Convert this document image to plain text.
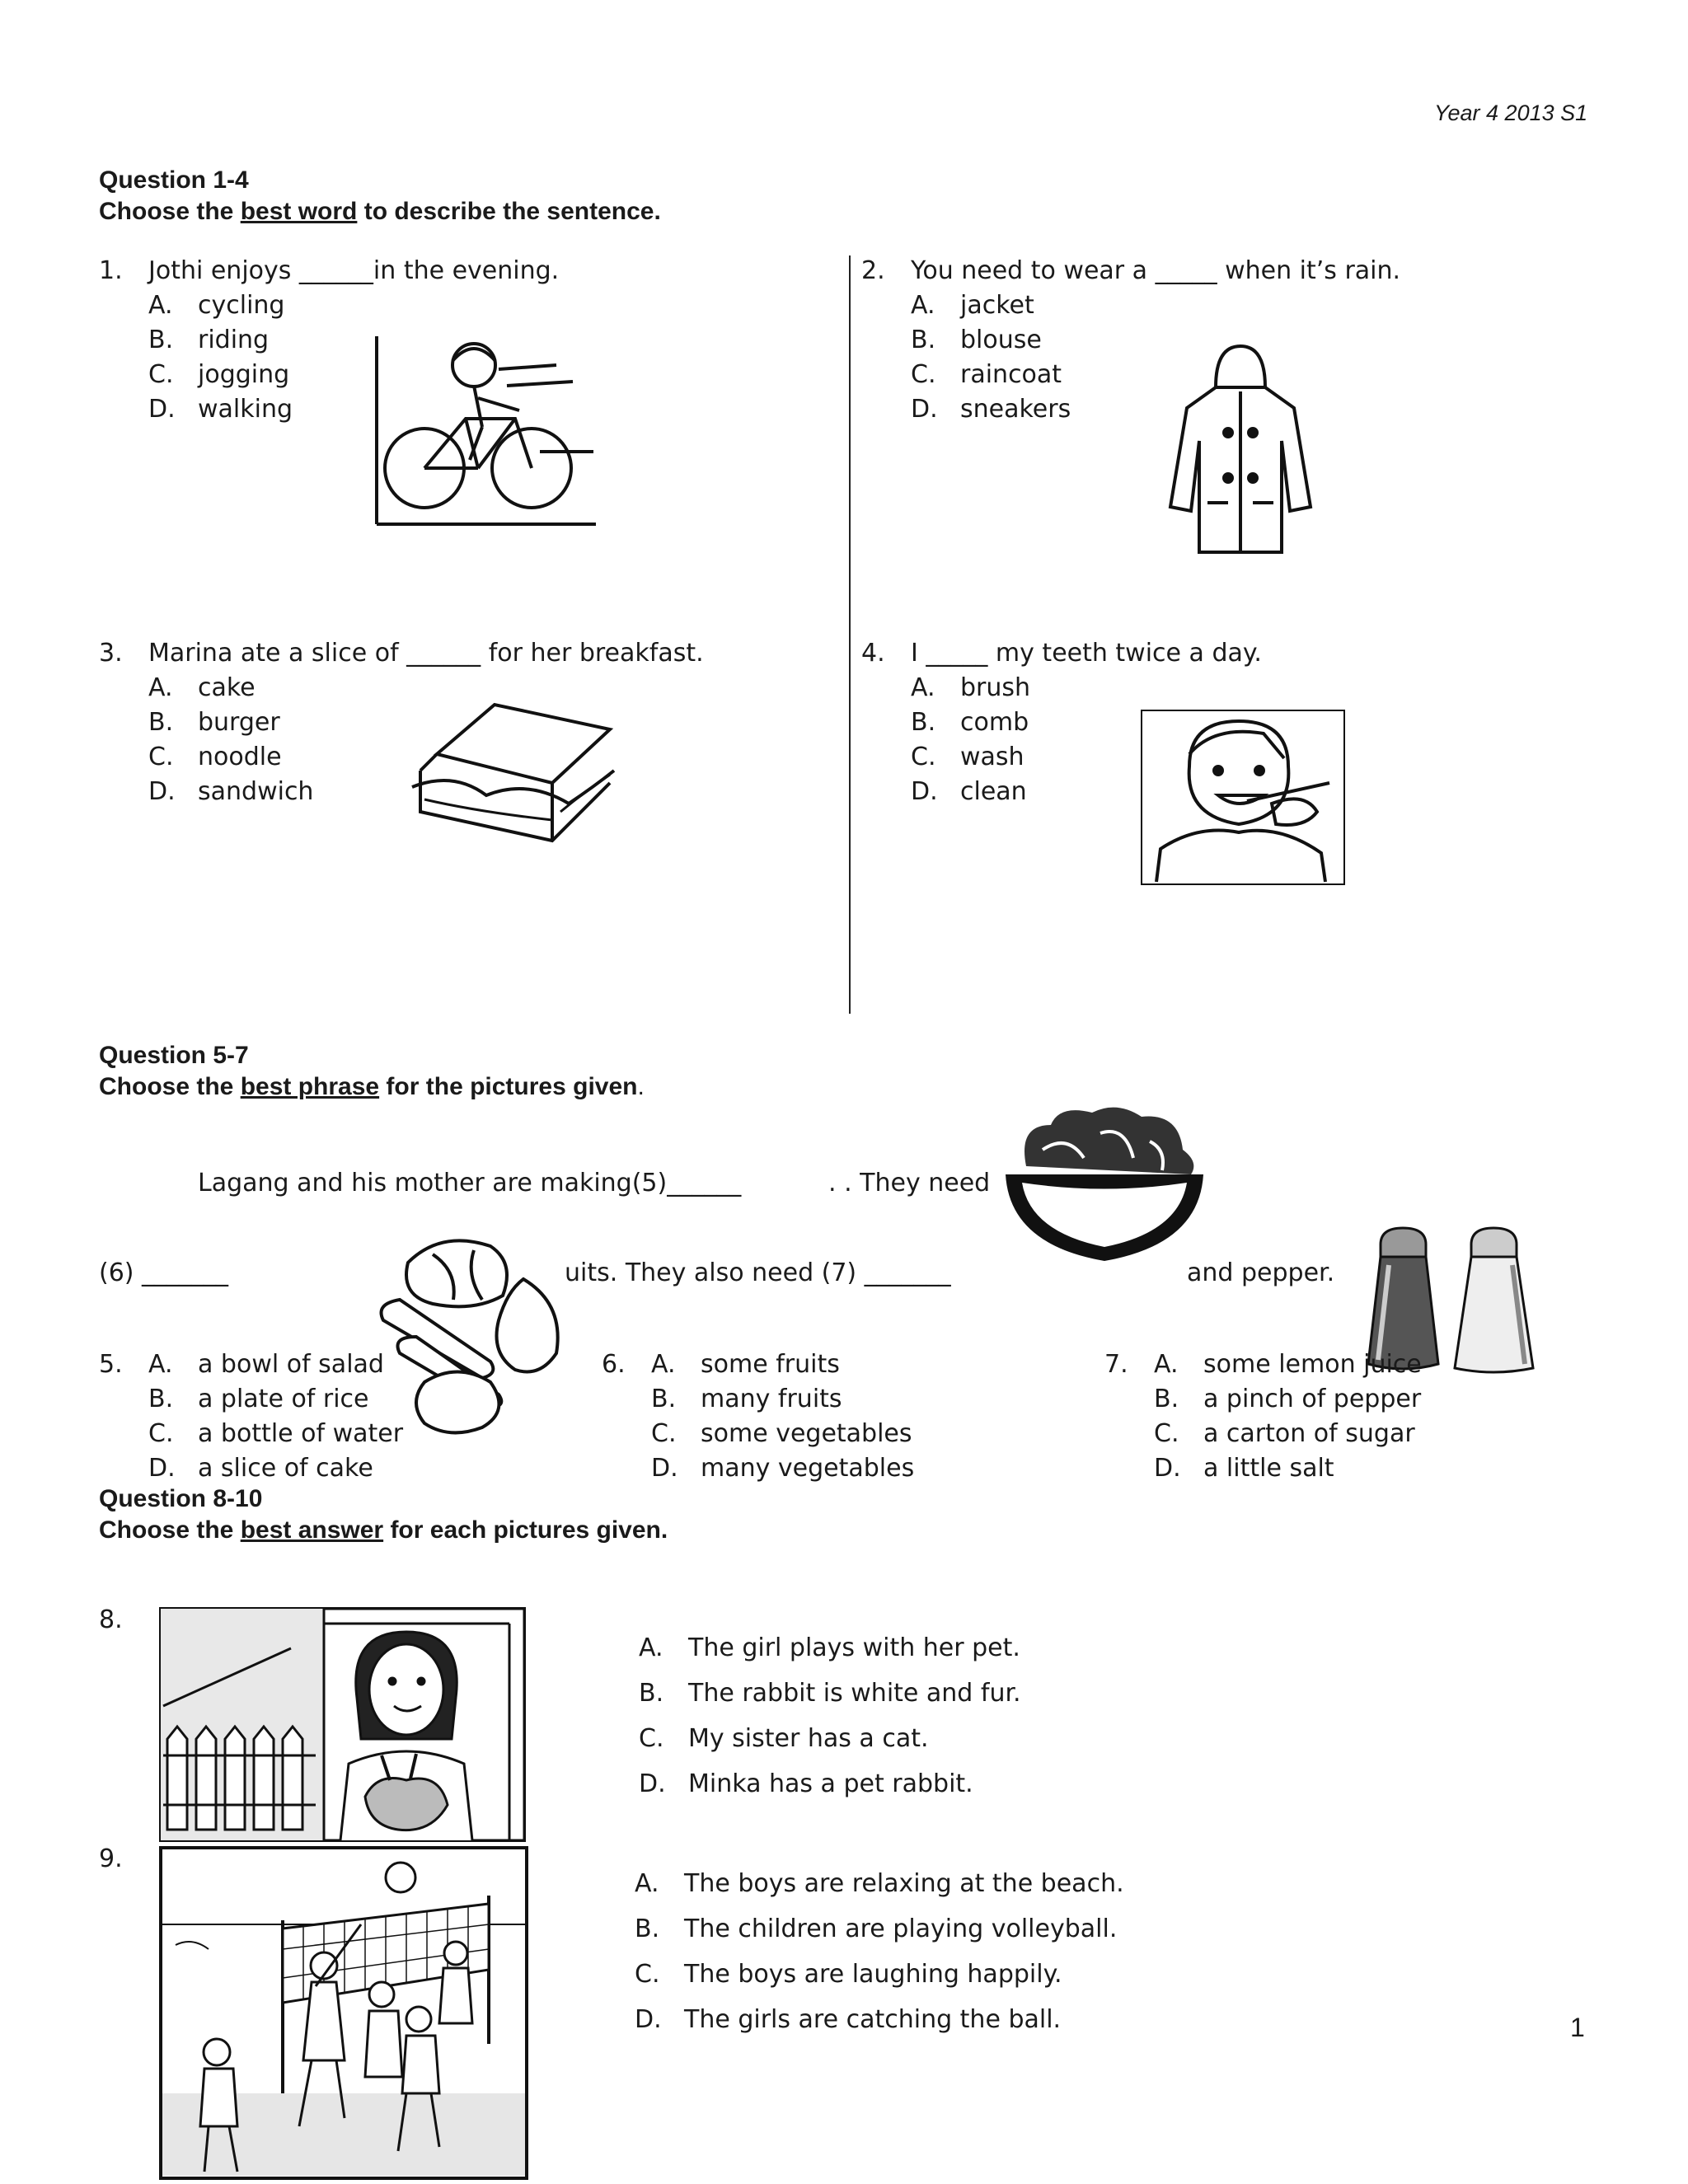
Year 4 2013 S1
Question 1-4
Choose the best word to describe the sentence.
1. Jothi enjoys ______in the evening.
A. cycling
B. riding
C. jogging
D. walking
2. You need to wear a _____ when it’s rain.
A. jacket
B. blouse
C. raincoat
D. sneakers
3. Marina ate a slice of ______ for her breakfast.
A. cake
B. burger
C. noodle
D. sandwich
4. I _____ my teeth twice a day.
A. brush
B. comb
C. wash
D. clean
Question 5-7
Choose the best phrase for the pictures given.
Lagang and his mother are making(5)______	. . They need
(6) _______	uits. They also need (7) _______	and pepper.
5. A. a bowl of salad
B. a plate of rice
C. a bottle of water
D. a slice of cake
6. A. some fruits
B. many fruits
C. some vegetables
D. many vegetables
7. A. some lemon juice
B. a pinch of pepper
C. a carton of sugar
D. a little salt
Question 8-10
Choose the best answer for each pictures given.
8.
A. The girl plays with her pet.
B. The rabbit is white and fur.
C. My sister has a cat.
D. Minka has a pet rabbit.
9.
A. The boys are relaxing at the beach.
B. The children are playing volleyball.
C. The boys are laughing happily.
D. The girls are catching the ball.	1
